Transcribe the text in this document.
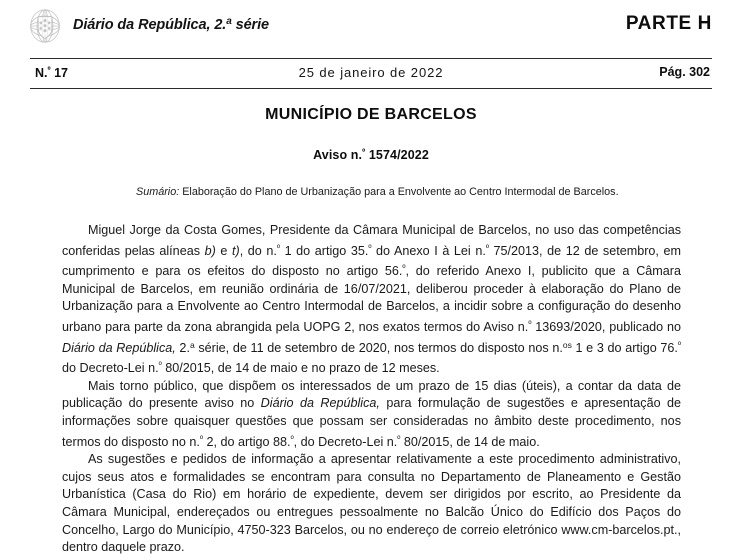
Diário da República, 2.$^a$ série	PARTE H
N.$^º$ 17	25 de janeiro de 2022	Pág. 302
MUNICÍPIO DE BARCELOS
Aviso n.$^º$ 1574/2022
Sumário: Elaboração do Plano de Urbanização para a Envolvente ao Centro Intermodal de Barcelos.

Miguel Jorge da Costa Gomes, Presidente da Câmara Municipal de Barcelos, no uso das competências conferidas pelas alíneas b) e t), do n.$^º$ 1 do artigo 35.$^º$ do Anexo I à Lei n.$^º$ 75/2013, de 12 de setembro, em cumprimento e para os efeitos do disposto no artigo 56.$^º$, do referido Anexo I, publicito que a Câmara Municipal de Barcelos, em reunião ordinária de 16/07/2021, deliberou proceder à elaboração do Plano de Urbanização para a Envolvente ao Centro Intermodal de Barcelos, a incidir sobre a configuração do desenho urbano para parte da zona abrangida pela UOPG 2, nos exatos termos do Aviso n.$^º$ 13693/2020, publicado no Diário da República, 2.$^a$ série, de 11 de setembro de 2020, nos termos do disposto nos n.$^{os}$ 1 e 3 do artigo 76.$^º$ do Decreto-Lei n.$^º$ 80/2015, de 14 de maio e no prazo de 12 meses.

Mais torno público, que dispõem os interessados de um prazo de 15 dias (úteis), a contar da data de publicação do presente aviso no Diário da República, para formulação de sugestões e apresentação de informações sobre quaisquer questões que possam ser consideradas no âmbito deste procedimento, nos termos do disposto no n.$^º$ 2, do artigo 88.$^º$, do Decreto-Lei n.$^º$ 80/2015, de 14 de maio.

As sugestões e pedidos de informação a apresentar relativamente a este procedimento administrativo, cujos seus atos e formalidades se encontram para consulta no Departamento de Planeamento e Gestão Urbanística (Casa do Rio) em horário de expediente, devem ser dirigidos por escrito, ao Presidente da Câmara Municipal, endereçados ou entregues pessoalmente no Balcão Único do Edifício dos Paços do Concelho, Largo do Município, 4750-323 Barcelos, ou no endereço de correio eletrónico www.cm-barcelos.pt., dentro daquele prazo.
